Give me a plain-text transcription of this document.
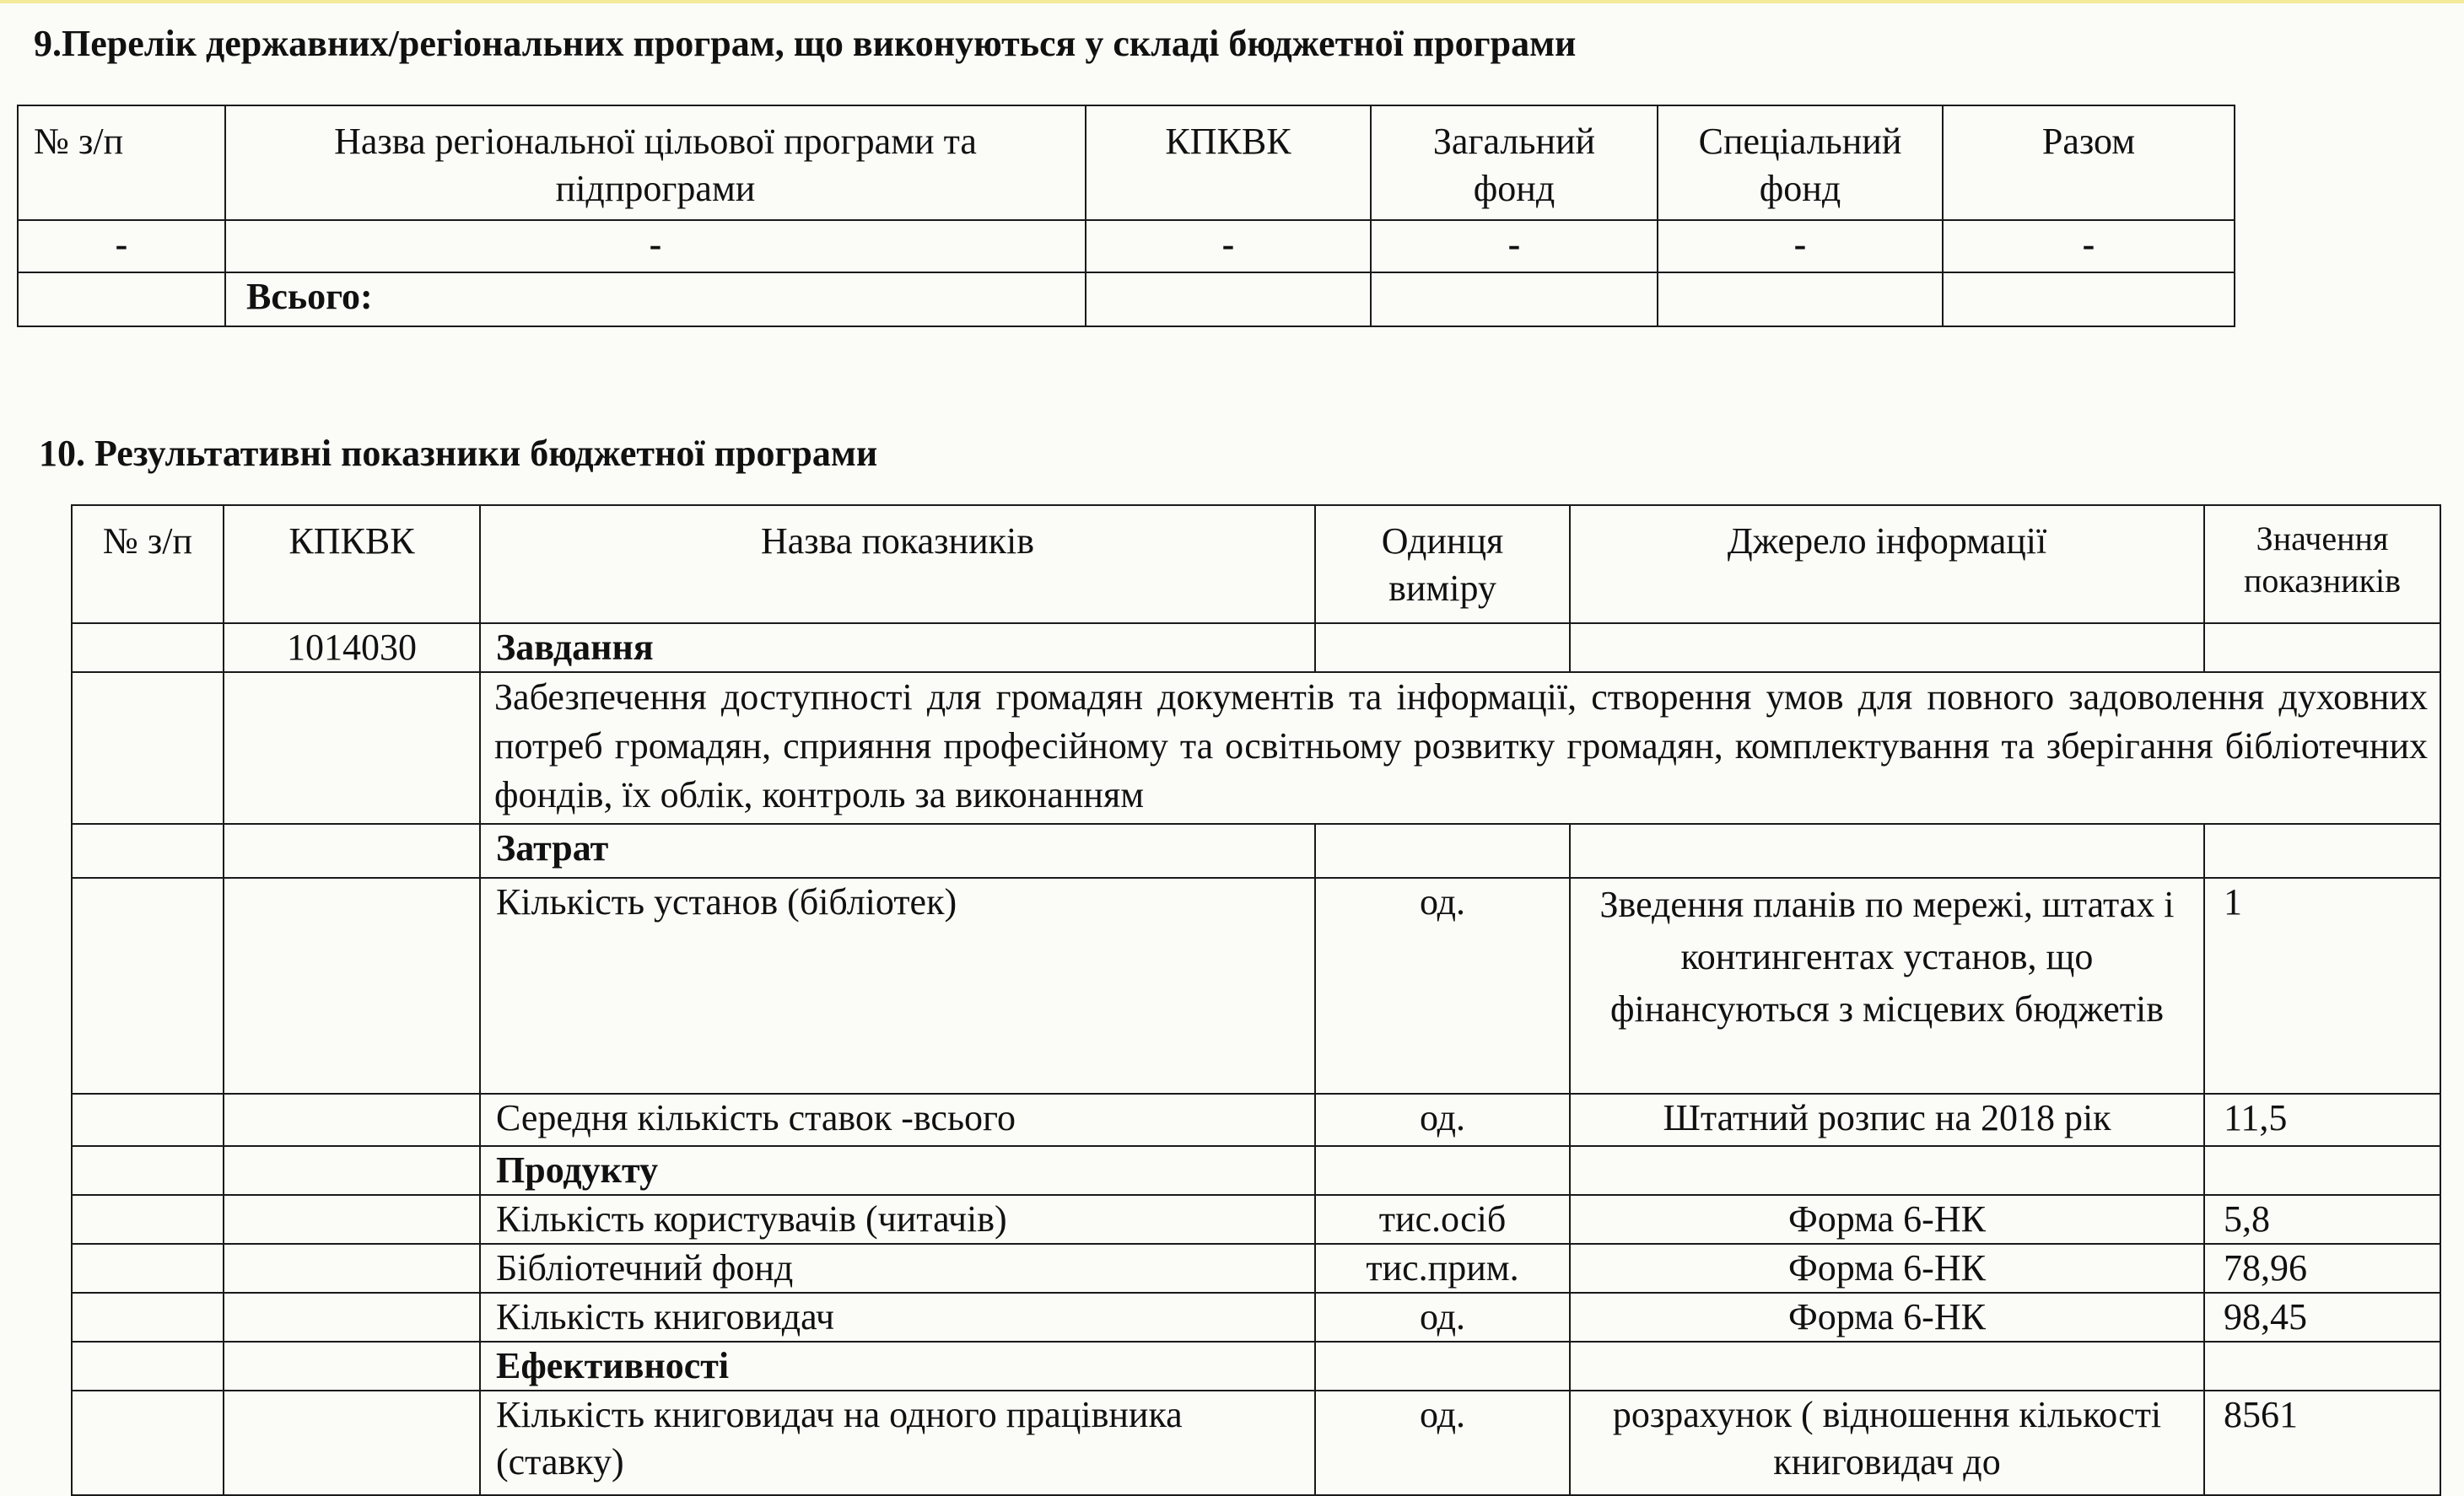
9.Перелік державних/регіональних програм, що виконуються у складі бюджетної програми
№ з/п	Назва регіональної цільової програми та підпрограми	КПКВК	Загальний фонд	Спеціальний фонд	Разом
-	-	-	-	-	-
	Всього:				
10. Результативні показники бюджетної програми
№ з/п	КПКВК	Назва показників	Одинця виміру	Джерело інформації	Значення показників
	1014030	Завдання			
		Забезпечення доступності для громадян документів та інформації, створення умов для повного задоволення духовних потреб громадян, сприяння професійному та освітньому розвитку громадян, комплектування та зберігання бібліотечних фондів, їх облік, контроль за виконанням			
		Затрат			
		Кількість установ (бібліотек)	од.	Зведення планів по мережі, штатах і контингентах установ, що фінансуються з місцевих бюджетів	1
		Середня кількість ставок -всього	од.	Штатний розпис на 2018 рік	11,5
		Продукту			
		Кількість користувачів (читачів)	тис.осіб	Форма 6-НК	5,8
		Бібліотечний фонд	тис.прим.	Форма 6-НК	78,96
		Кількість книговидач	од.	Форма 6-НК	98,45
		Ефективності			
		Кількість книговидач на одного працівника (ставку)	од.	розрахунок ( відношення кількості книговидач до	8561
